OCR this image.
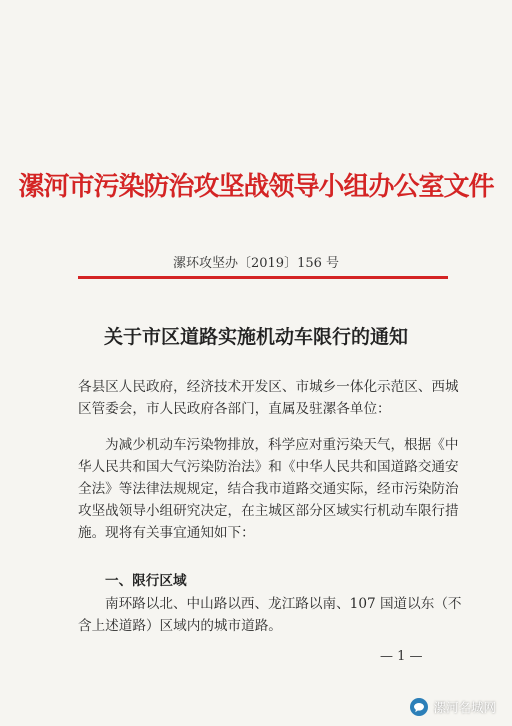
漯河市污染防治攻坚战领导小组办公室文件
漯环攻坚办〔2019〕156 号
关于市区道路实施机动车限行的通知
各县区人民政府，经济技术开发区、市城乡一体化示范区、西城
区管委会，市人民政府各部门，直属及驻漯各单位：
为减少机动车污染物排放，科学应对重污染天气，根据《中
华人民共和国大气污染防治法》和《中华人民共和国道路交通安
全法》等法律法规规定，结合我市道路交通实际，经市污染防治
攻坚战领导小组研究决定，在主城区部分区域实行机动车限行措
施。现将有关事宜通知如下：
一、限行区域
南环路以北、中山路以西、龙江路以南、107 国道以东（不
含上述道路）区域内的城市道路。
— 1 —
漯河名城网
